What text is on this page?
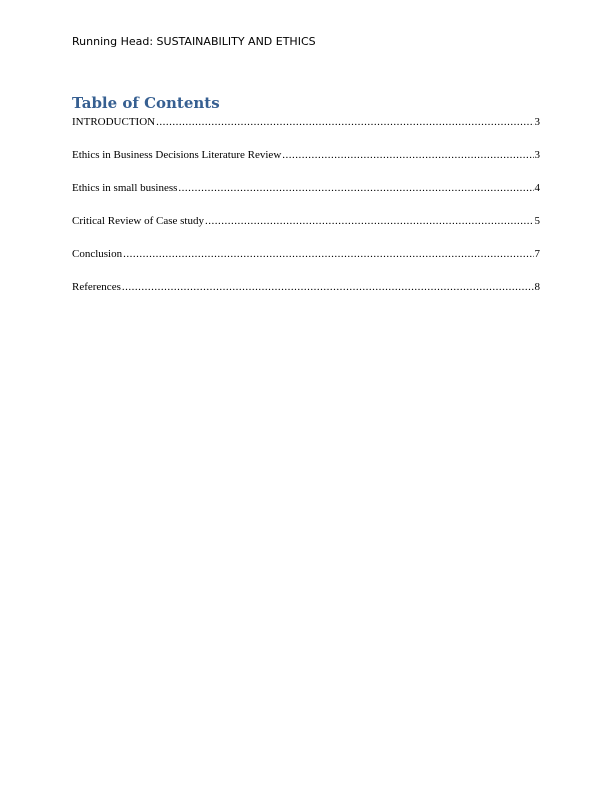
Running Head: SUSTAINABILITY AND ETHICS
Table of Contents
INTRODUCTION .....	3
Ethics in Business Decisions Literature Review .....	3
Ethics in small business .....	4
Critical Review of Case study .....	5
Conclusion .....	7
References .....	8
